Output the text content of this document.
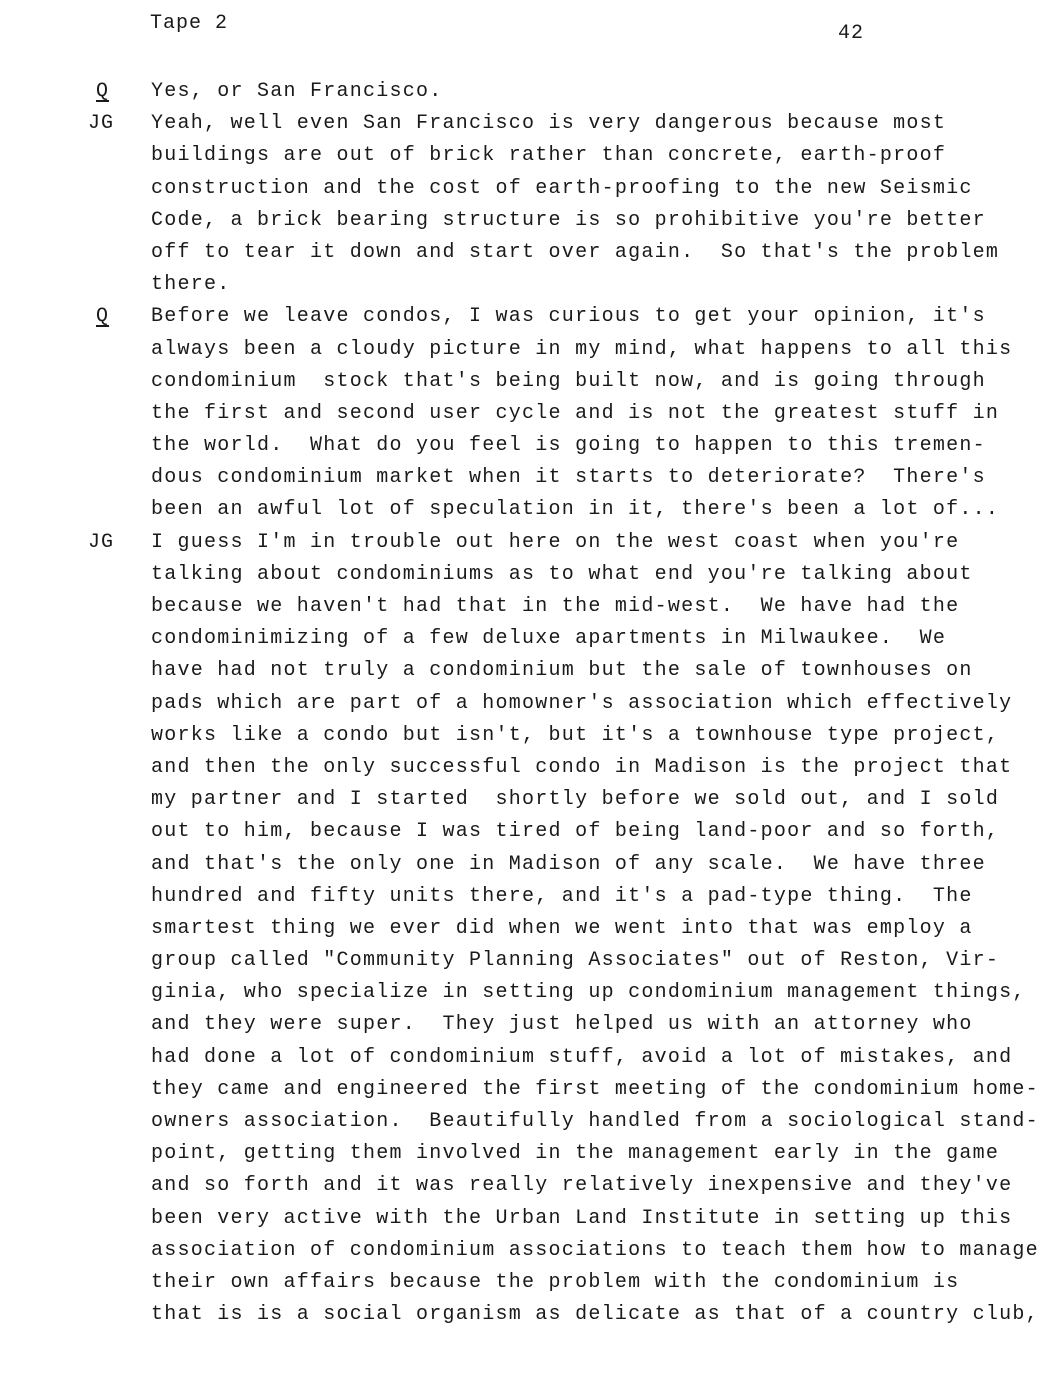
Tape 2	42
Q	Yes, or San Francisco.
JG	Yeah, well even San Francisco is very dangerous because most
buildings are out of brick rather than concrete, earth-proof
construction and the cost of earth-proofing to the new Seismic
Code, a brick bearing structure is so prohibitive you're better
off to tear it down and start over again.  So that's the problem
there.
Q	Before we leave condos, I was curious to get your opinion, it's
always been a cloudy picture in my mind, what happens to all this
condominium  stock that's being built now, and is going through
the first and second user cycle and is not the greatest stuff in
the world.  What do you feel is going to happen to this tremen-
dous condominium market when it starts to deteriorate?  There's
been an awful lot of speculation in it, there's been a lot of...
JG	I guess I'm in trouble out here on the west coast when you're
talking about condominiums as to what end you're talking about
because we haven't had that in the mid-west.  We have had the
condominimizing of a few deluxe apartments in Milwaukee.  We
have had not truly a condominium but the sale of townhouses on
pads which are part of a homowner's association which effectively
works like a condo but isn't, but it's a townhouse type project,
and then the only successful condo in Madison is the project that
my partner and I started  shortly before we sold out, and I sold
out to him, because I was tired of being land-poor and so forth,
and that's the only one in Madison of any scale.  We have three
hundred and fifty units there, and it's a pad-type thing.  The
smartest thing we ever did when we went into that was employ a
group called "Community Planning Associates" out of Reston, Vir-
ginia, who specialize in setting up condominium management things,
and they were super.  They just helped us with an attorney who
had done a lot of condominium stuff, avoid a lot of mistakes, and
they came and engineered the first meeting of the condominium home-
owners association.  Beautifully handled from a sociological stand-
point, getting them involved in the management early in the game
and so forth and it was really relatively inexpensive and they've
been very active with the Urban Land Institute in setting up this
association of condominium associations to teach them how to manage
their own affairs because the problem with the condominium is
that is is a social organism as delicate as that of a country club,
